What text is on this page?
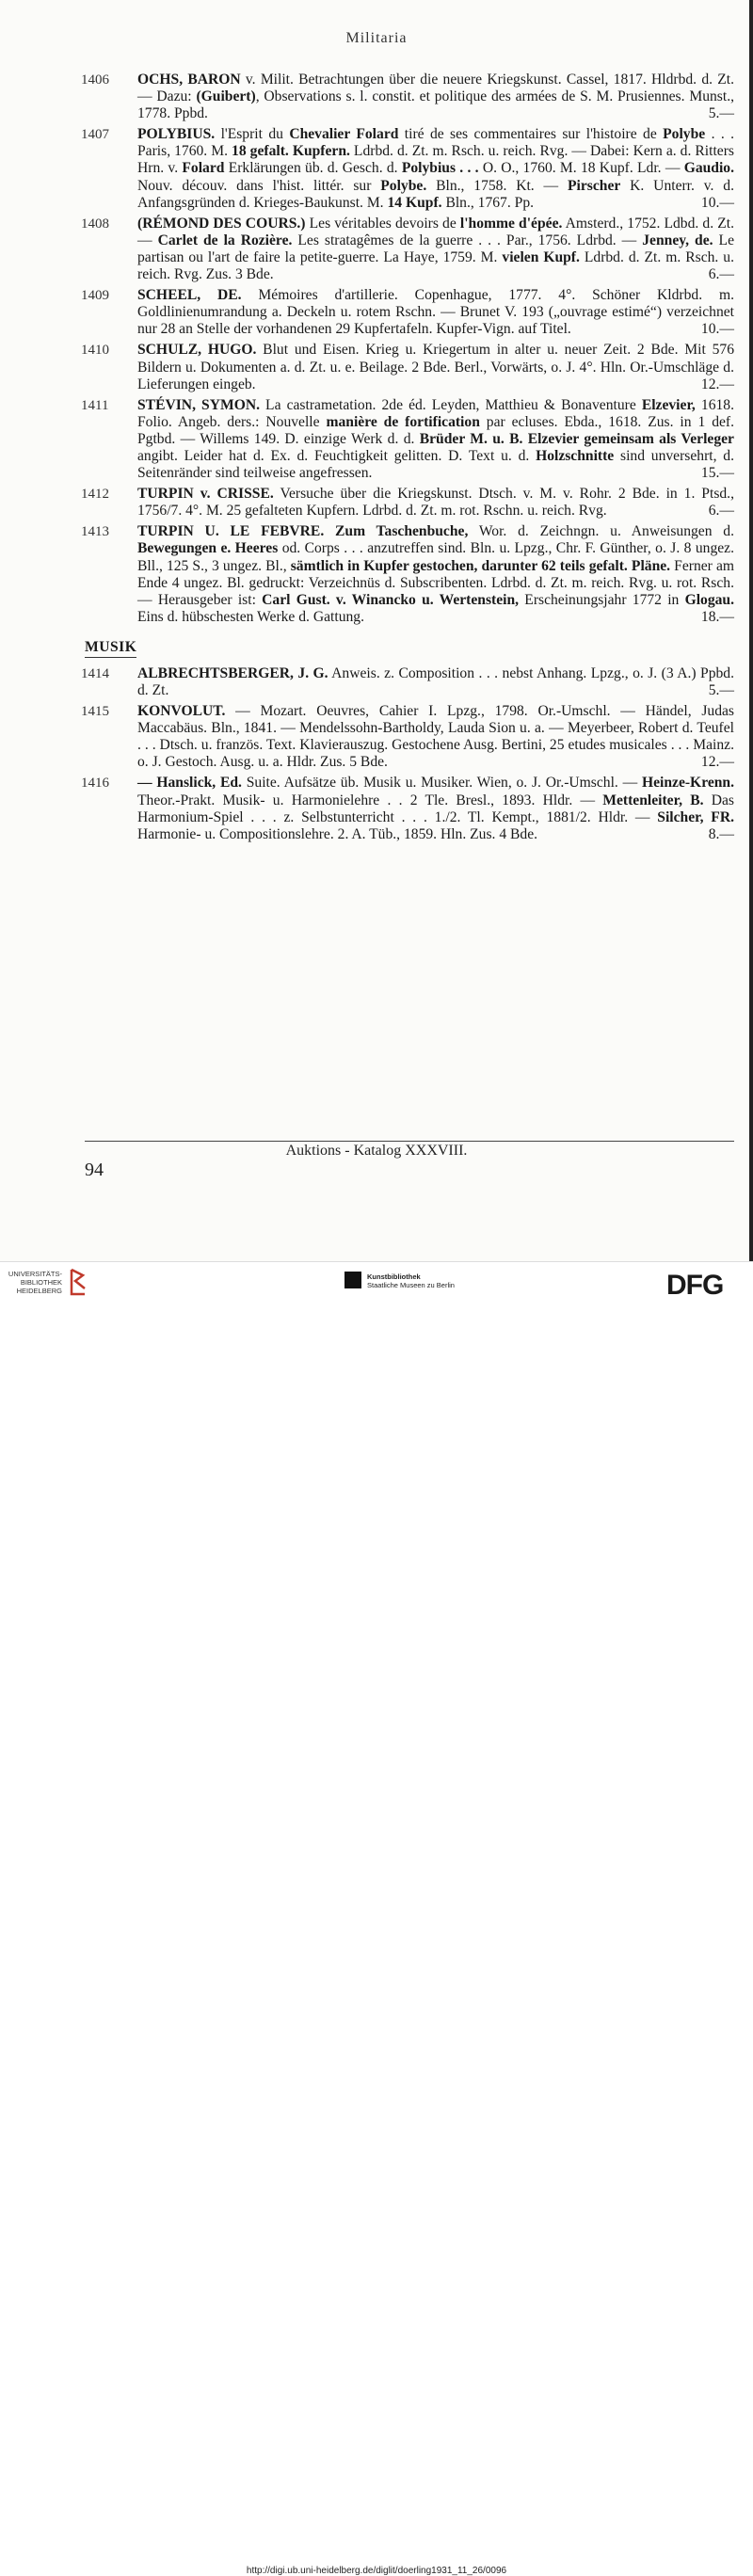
Militaria
1406	OCHS, BARON v. Milit. Betrachtungen über die neuere Kriegskunst. Cassel, 1817. Hldrbd. d. Zt. — Dazu: (Guibert), Observations s. l. constit. et politique des armées de S. M. Prusiennes. Munst., 1778. Ppbd.	5.—
1407	POLYBIUS. l'Esprit du Chevalier Folard tiré de ses commentaires sur l'histoire de Polybe . . . Paris, 1760. M. 18 gefalt. Kupfern. Ldrbd. d. Zt. m. Rsch. u. reich. Rvg. — Dabei: Kern a. d. Ritters Hrn. v. Folard Erklärungen üb. d. Gesch. d. Polybius . . . O. O., 1760. M. 18 Kupf. Ldr. — Gaudio. Nouv. découv. dans l'hist. littér. sur Polybe. Bln., 1758. Kt. — Pirscher K. Unterr. v. d. Anfangsgründen d. Krieges-Baukunst. M. 14 Kupf. Bln., 1767. Pp.	10.—
1408	(RÉMOND DES COURS.) Les véritables devoirs de l'homme d'épée. Amsterd., 1752. Ldbd. d. Zt. — Carlet de la Rozière. Les stratagêmes de la guerre . . . Par., 1756. Ldrbd. — Jenney, de. Le partisan ou l'art de faire la petite-guerre. La Haye, 1759. M. vielen Kupf. Ldrbd. d. Zt. m. Rsch. u. reich. Rvg. Zus. 3 Bde.	6.—
1409	SCHEEL, DE. Mémoires d'artillerie. Copenhague, 1777. 4°. Schöner Kldrbd. m. Goldlinienumrandung a. Deckeln u. rotem Rschn. — Brunet V. 193 („ouvrage estimé“) verzeichnet nur 28 an Stelle der vorhandenen 29 Kupfertafeln. Kupfer-Vign. auf Titel.	10.—
1410	SCHULZ, HUGO. Blut und Eisen. Krieg u. Kriegertum in alter u. neuer Zeit. 2 Bde. Mit 576 Bildern u. Dokumenten a. d. Zt. u. e. Beilage. 2 Bde. Berl., Vorwärts, o. J. 4°. Hln. Or.-Umschläge d. Lieferungen eingeb.	12.—
1411	STÉVIN, SYMON. La castrametation. 2de éd. Leyden, Matthieu & Bonaventure Elzevier, 1618. Folio. Angeb. ders.: Nouvelle manière de fortification par ecluses. Ebda., 1618. Zus. in 1 def. Pgtbd. — Willems 149. D. einzige Werk d. d. Brüder M. u. B. Elzevier gemeinsam als Verleger angibt. Leider hat d. Ex. d. Feuchtigkeit gelitten. D. Text u. d. Holzschnitte sind unversehrt, d. Seitenränder sind teilweise angefressen.	15.—
1412	TURPIN v. CRISSE. Versuche über die Kriegskunst. Dtsch. v. M. v. Rohr. 2 Bde. in 1. Ptsd., 1756/7. 4°. M. 25 gefalteten Kupfern. Ldrbd. d. Zt. m. rot. Rschn. u. reich. Rvg.	6.—
1413	TURPIN U. LE FEBVRE. Zum Taschenbuche, Wor. d. Zeichngn. u. Anweisungen d. Bewegungen e. Heeres od. Corps . . . anzutreffen sind. Bln. u. Lpzg., Chr. F. Günther, o. J. 8 ungez. Bll., 125 S., 3 ungez. Bl., sämtlich in Kupfer gestochen, darunter 62 teils gefalt. Pläne. Ferner am Ende 4 ungez. Bl. gedruckt: Verzeichnüs d. Subscribenten. Ldrbd. d. Zt. m. reich. Rvg. u. rot. Rsch. — Herausgeber ist: Carl Gust. v. Winancko u. Wertenstein, Erscheinungsjahr 1772 in Glogau. Eins d. hübschesten Werke d. Gattung.	18.—
MUSIK
1414	ALBRECHTSBERGER, J. G. Anweis. z. Composition . . . nebst Anhang. Lpzg., o. J. (3 A.) Ppbd. d. Zt.	5.—
1415	KONVOLUT. — Mozart. Oeuvres, Cahier I. Lpzg., 1798. Or.-Umschl. — Händel, Judas Maccabäus. Bln., 1841. — Mendelssohn-Bartholdy, Lauda Sion u. a. — Meyerbeer, Robert d. Teufel . . . Dtsch. u. französ. Text. Klavierauszug. Gestochene Ausg. Bertini, 25 etudes musicales . . . Mainz. o. J. Gestoch. Ausg. u. a. Hldr. Zus. 5 Bde.	12.—
1416	— Hanslick, Ed. Suite. Aufsätze üb. Musik u. Musiker. Wien, o. J. Or.-Umschl. — Heinze-Krenn. Theor.-Prakt. Musik- u. Harmonielehre . . 2 Tle. Bresl., 1893. Hldr. — Mettenleiter, B. Das Harmonium-Spiel . . . z. Selbstunterricht . . . 1./2. Tl. Kempt., 1881/2. Hldr. — Silcher, FR. Harmonie- u. Compositionslehre. 2. A. Tüb., 1859. Hln. Zus. 4 Bde.	8.—
Auktions - Katalog XXXVIII.
94
UNIVERSITÄTS-
BIBLIOTHEK
HEIDELBERG
Kunstbibliothek
Staatliche Museen zu Berlin	DFG
http://digi.ub.uni-heidelberg.de/diglit/doerling1931_11_26/0096
